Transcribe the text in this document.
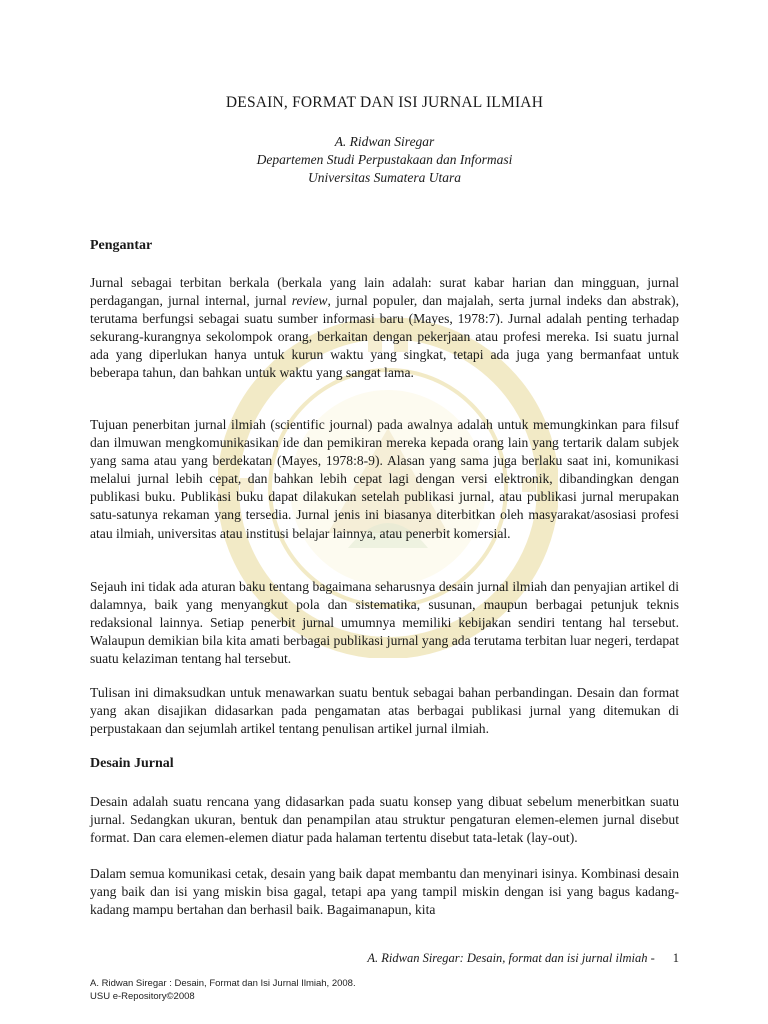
DESAIN, FORMAT DAN ISI JURNAL ILMIAH
A. Ridwan Siregar
Departemen Studi Perpustakaan dan Informasi
Universitas Sumatera Utara
Pengantar
Jurnal sebagai terbitan berkala (berkala yang lain adalah: surat kabar harian dan mingguan, jurnal perdagangan, jurnal internal, jurnal review, jurnal populer, dan majalah, serta jurnal indeks dan abstrak), terutama berfungsi sebagai suatu sumber informasi baru (Mayes, 1978:7). Jurnal adalah penting terhadap sekurang-kurangnya sekolompok orang, berkaitan dengan pekerjaan atau profesi mereka. Isi suatu jurnal ada yang diperlukan hanya untuk kurun waktu yang singkat, tetapi ada juga yang bermanfaat untuk beberapa tahun, dan bahkan untuk waktu yang sangat lama.
Tujuan penerbitan jurnal ilmiah (scientific journal) pada awalnya adalah untuk memungkinkan para filsuf dan ilmuwan mengkomunikasikan ide dan pemikiran mereka kepada orang lain yang tertarik dalam subjek yang sama atau yang berdekatan (Mayes, 1978:8-9). Alasan yang sama juga berlaku saat ini, komunikasi melalui jurnal lebih cepat, dan bahkan lebih cepat lagi dengan versi elektronik, dibandingkan dengan publikasi buku. Publikasi buku dapat dilakukan setelah publikasi jurnal, atau publikasi jurnal merupakan satu-satunya rekaman yang tersedia. Jurnal jenis ini biasanya diterbitkan oleh masyarakat/asosiasi profesi atau ilmiah, universitas atau institusi belajar lainnya, atau penerbit komersial.
Sejauh ini tidak ada aturan baku tentang bagaimana seharusnya desain jurnal ilmiah dan penyajian artikel di dalamnya, baik yang menyangkut pola dan sistematika, susunan, maupun berbagai petunjuk teknis redaksional lainnya. Setiap penerbit jurnal umumnya memiliki kebijakan sendiri tentang hal tersebut. Walaupun demikian bila kita amati berbagai publikasi jurnal yang ada terutama terbitan luar negeri, terdapat suatu kelaziman tentang hal tersebut.
Tulisan ini dimaksudkan untuk menawarkan suatu bentuk sebagai bahan perbandingan. Desain dan format yang akan disajikan didasarkan pada pengamatan atas berbagai publikasi jurnal yang ditemukan di perpustakaan dan sejumlah artikel tentang penulisan artikel jurnal ilmiah.
Desain Jurnal
Desain adalah suatu rencana yang didasarkan pada suatu konsep yang dibuat sebelum menerbitkan suatu jurnal. Sedangkan ukuran, bentuk dan penampilan atau struktur pengaturan elemen-elemen jurnal disebut format. Dan cara elemen-elemen diatur pada halaman tertentu disebut tata-letak (lay-out).
Dalam semua komunikasi cetak, desain yang baik dapat membantu dan menyinari isinya. Kombinasi desain yang baik dan isi yang miskin bisa gagal, tetapi apa yang tampil miskin dengan isi yang bagus kadang-kadang mampu bertahan dan berhasil baik. Bagaimanapun, kita
A. Ridwan Siregar: Desain, format dan isi jurnal ilmiah - 1
A. Ridwan Siregar : Desain, Format dan Isi Jurnal Ilmiah, 2008.
USU e-Repository©2008
